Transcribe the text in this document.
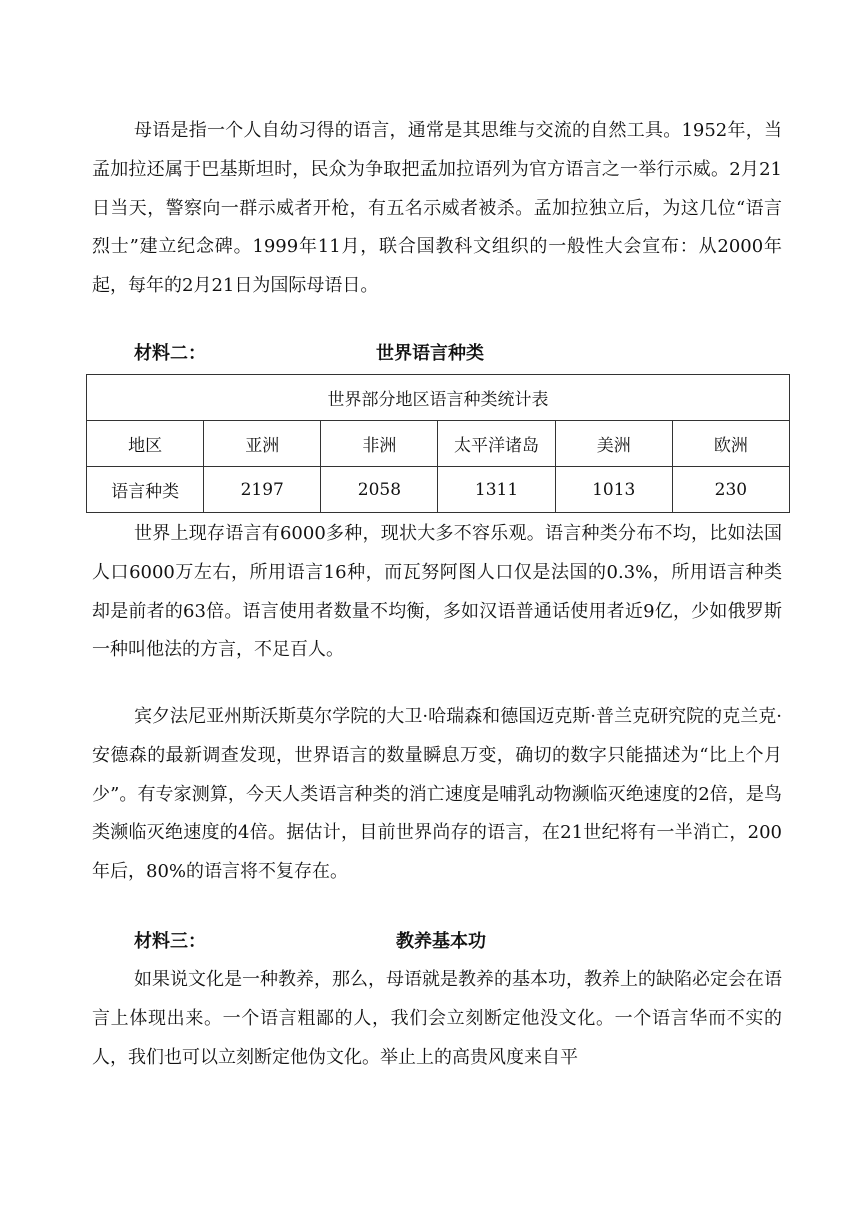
母语是指一个人自幼习得的语言，通常是其思维与交流的自然工具。1952年，当孟加拉还属于巴基斯坦时，民众为争取把孟加拉语列为官方语言之一举行示威。2月21日当天，警察向一群示威者开枪，有五名示威者被杀。孟加拉独立后，为这几位“语言烈士”建立纪念碑。1999年11月，联合国教科文组织的一般性大会宣布：从2000年起，每年的2月21日为国际母语日。

材料二：	世界语言种类
世界部分地区语言种类统计表					
地区	亚洲	非洲	太平洋诸岛	美洲	欧洲
语言种类	2197	2058	1311	1013	230

世界上现存语言有6000多种，现状大多不容乐观。语言种类分布不均，比如法国人口6000万左右，所用语言16种，而瓦努阿图人口仅是法国的0.3%，所用语言种类却是前者的63倍。语言使用者数量不均衡，多如汉语普通话使用者近9亿，少如俄罗斯一种叫他法的方言，不足百人。

宾夕法尼亚州斯沃斯莫尔学院的大卫·哈瑞森和德国迈克斯·普兰克研究院的克兰克·安德森的最新调查发现，世界语言的数量瞬息万变，确切的数字只能描述为“比上个月少”。有专家测算，今天人类语言种类的消亡速度是哺乳动物濒临灭绝速度的2倍，是鸟类濒临灭绝速度的4倍。据估计，目前世界尚存的语言，在21世纪将有一半消亡，200年后，80%的语言将不复存在。

材料三：	教养基本功

如果说文化是一种教养，那么，母语就是教养的基本功，教养上的缺陷必定会在语言上体现出来。一个语言粗鄙的人，我们会立刻断定他没文化。一个语言华而不实的人，我们也可以立刻断定他伪文化。举止上的高贵风度来自平
